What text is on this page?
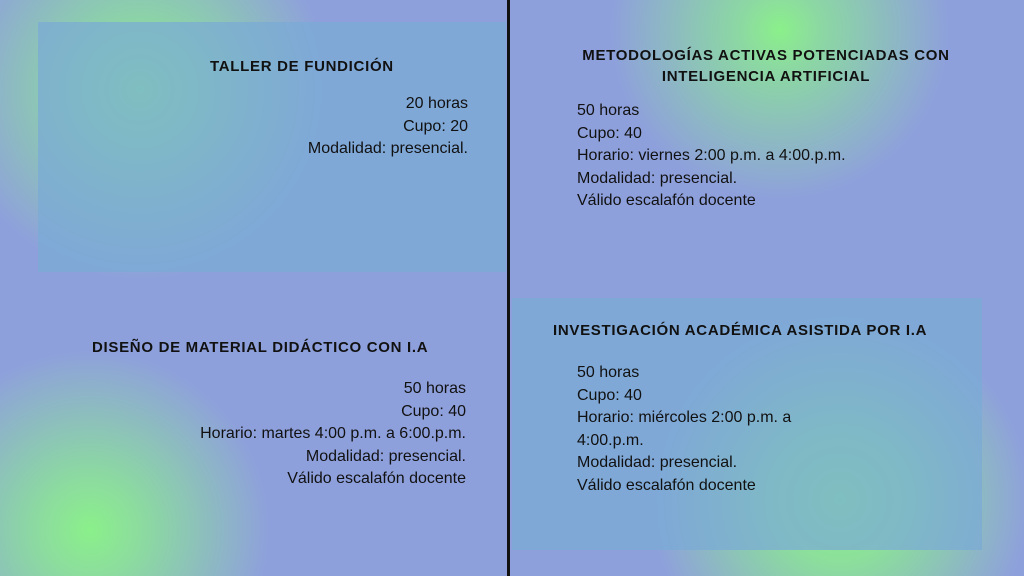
TALLER DE FUNDICIÓN
20 horas
Cupo: 20
Modalidad: presencial.
METODOLOGÍAS ACTIVAS POTENCIADAS CON
INTELIGENCIA ARTIFICIAL
50 horas
Cupo: 40
Horario: viernes 2:00 p.m. a 4:00.p.m.
Modalidad: presencial.
Válido escalafón docente
DISEÑO DE MATERIAL DIDÁCTICO CON I.A
50 horas
Cupo: 40
Horario: martes 4:00 p.m. a 6:00.p.m.
Modalidad: presencial.
Válido escalafón docente
INVESTIGACIÓN ACADÉMICA ASISTIDA POR I.A
50 horas
Cupo: 40
Horario: miércoles 2:00 p.m. a
4:00.p.m.
Modalidad: presencial.
Válido escalafón docente
